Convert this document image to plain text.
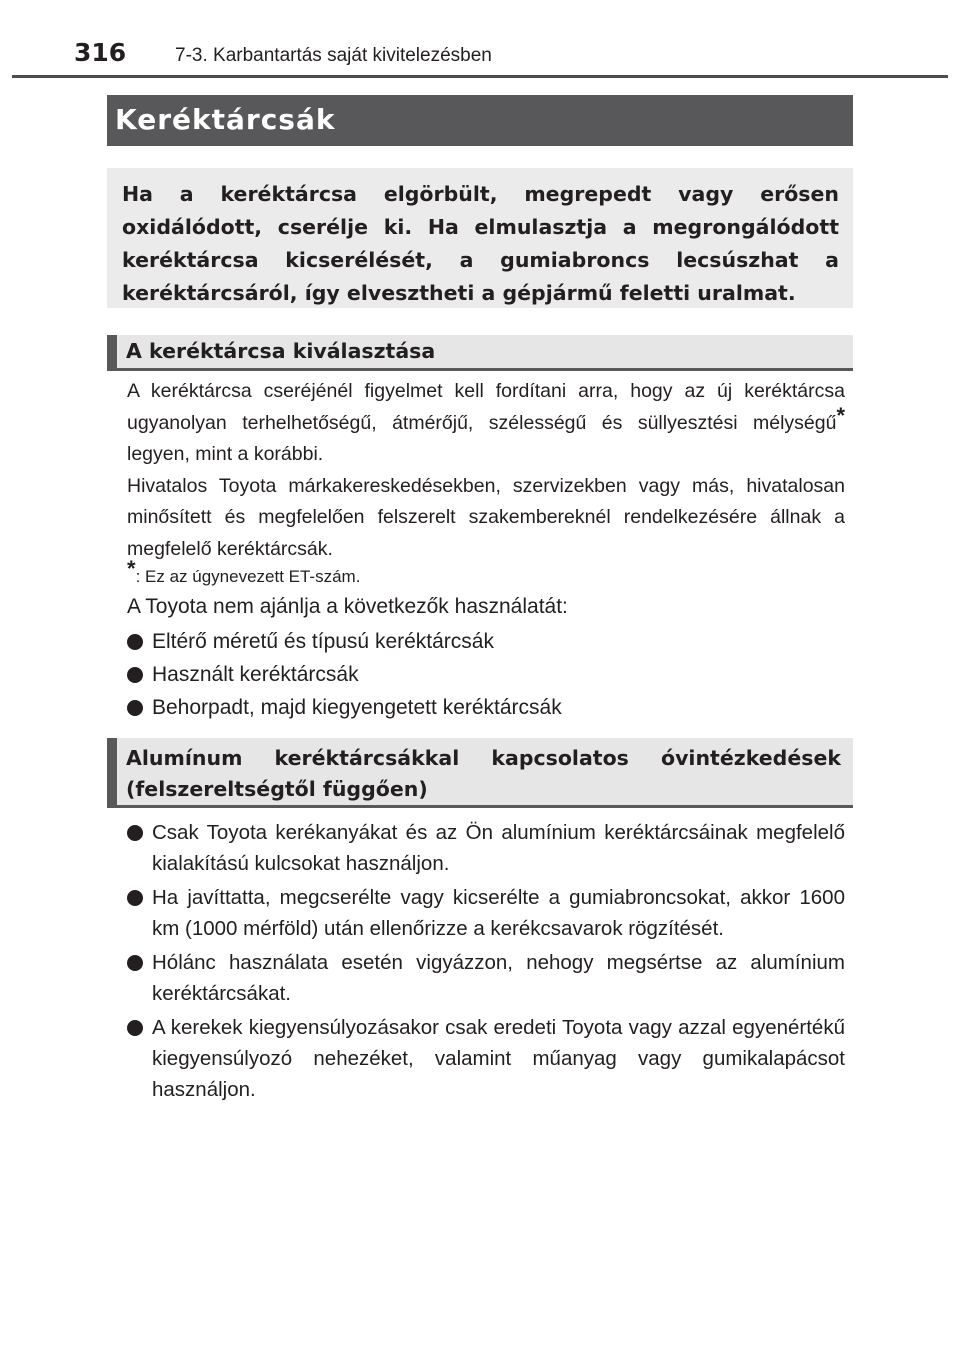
316	7-3. Karbantartás saját kivitelezésben
Keréktárcsák

Ha a keréktárcsa elgörbült, megrepedt vagy erősen oxidálódott, cserélje ki. Ha elmulasztja a megrongálódott keréktárcsa kicserélését, a gumiabroncs lecsúszhat a keréktárcsáról, így elvesztheti a gépjármű feletti uralmat.

A keréktárcsa kiválasztása

A keréktárcsa cseréjénél figyelmet kell fordítani arra, hogy az új keréktárcsa ugyanolyan terhelhetőségű, átmérőjű, szélességű és süllyesztési mélységű* legyen, mint a korábbi.

Hivatalos Toyota márkakereskedésekben, szervizekben vagy más, hivatalosan minősített és megfelelően felszerelt szakembereknél rendelkezésére állnak a megfelelő keréktárcsák.

*: Ez az úgynevezett ET-szám.

A Toyota nem ajánlja a következők használatát:
Eltérő méretű és típusú keréktárcsák
Használt keréktárcsák
Behorpadt, majd kiegyengetett keréktárcsák
Alumínum keréktárcsákkal kapcsolatos óvintézkedések (felszereltségtől függően)
Csak Toyota kerékanyákat és az Ön alumínium keréktárcsáinak megfelelő kialakítású kulcsokat használjon.
Ha javíttatta, megcserélte vagy kicserélte a gumiabroncsokat, akkor 1600 km (1000 mérföld) után ellenőrizze a kerékcsavarok rögzítését.
Hólánc használata esetén vigyázzon, nehogy megsértse az alumínium keréktárcsákat.
A kerekek kiegyensúlyozásakor csak eredeti Toyota vagy azzal egyenértékű kiegyensúlyozó nehezéket, valamint műanyag vagy gumikalapácsot használjon.
